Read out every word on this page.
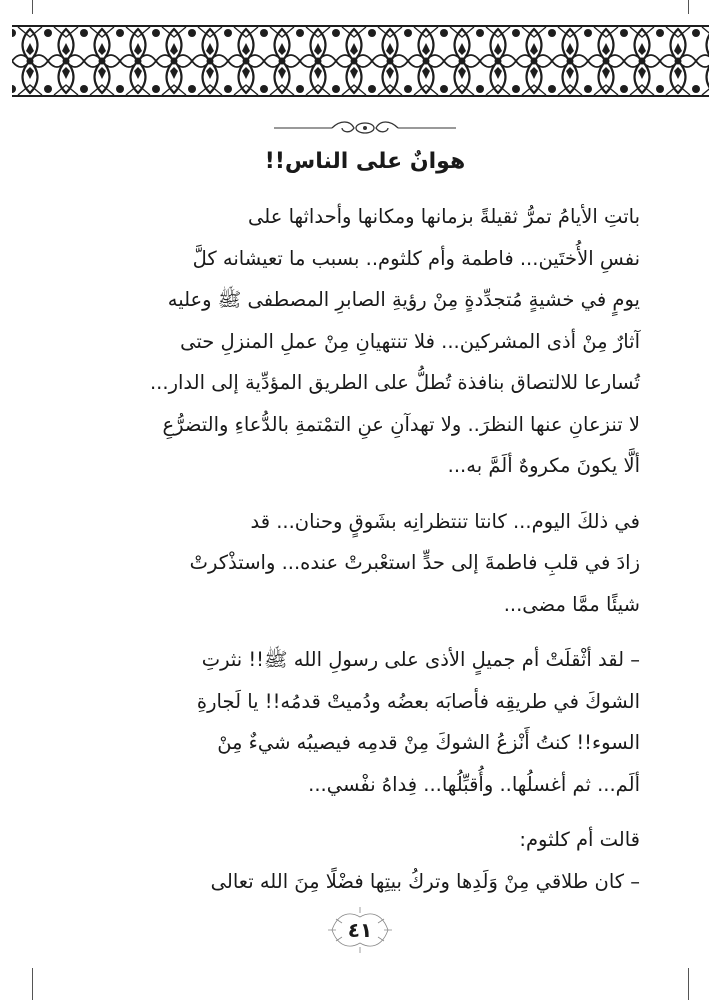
هوانٌ على الناس!!

باتتِ الأيامُ تمرُّ ثقيلةً بزمانها ومكانها وأحداثها على
نفسِ الأُختَين... فاطمة وأم كلثوم.. بسبب ما تعيشانه كلَّ
يومٍ في خشيةٍ مُتجدِّدةٍ مِنْ رؤيةِ الصابرِ المصطفى ﷺ وعليه
آثارٌ مِنْ أذى المشركين... فلا تنتهيانِ مِنْ عملِ المنزلِ حتى
تُسارعا للالتصاق بنافذة تُطلُّ على الطريق المؤدِّية إلى الدار...
لا تنزعانِ عنها النظرَ.. ولا تهدآنِ عنِ التمْتمةِ بالدُّعاءِ والتضرُّعِ
ألَّا يكونَ مكروهٌ ألَمَّ به...

في ذلكَ اليوم... كانتا تنتظرانِه بشَوقٍ وحنان... قد
زادَ في قلبِ فاطمةَ إلى حدٍّ استعْبرتْ عنده... واستذْكرتْ
شيئًا ممَّا مضى...

– لقد أثْقلَتْ أم جميلٍ الأذى على رسولِ الله ﷺ!! نثرتِ
الشوكَ في طريقِه فأصابَه بعضُه ودُميتْ قدمُه!! يا لَجارةِ
السوء!! كنتُ أَنْزعُ الشوكَ مِنْ قدمِه فيصيبُه شيءٌ مِنْ
ألَم... ثم أغسلُها.. وأُقبِّلُها... فِداهُ نفْسي...

قالت أم كلثوم:
– كان طلاقي مِنْ وَلَدِها وتركُ بيتِها فضْلًا مِنَ الله تعالى

٤١
